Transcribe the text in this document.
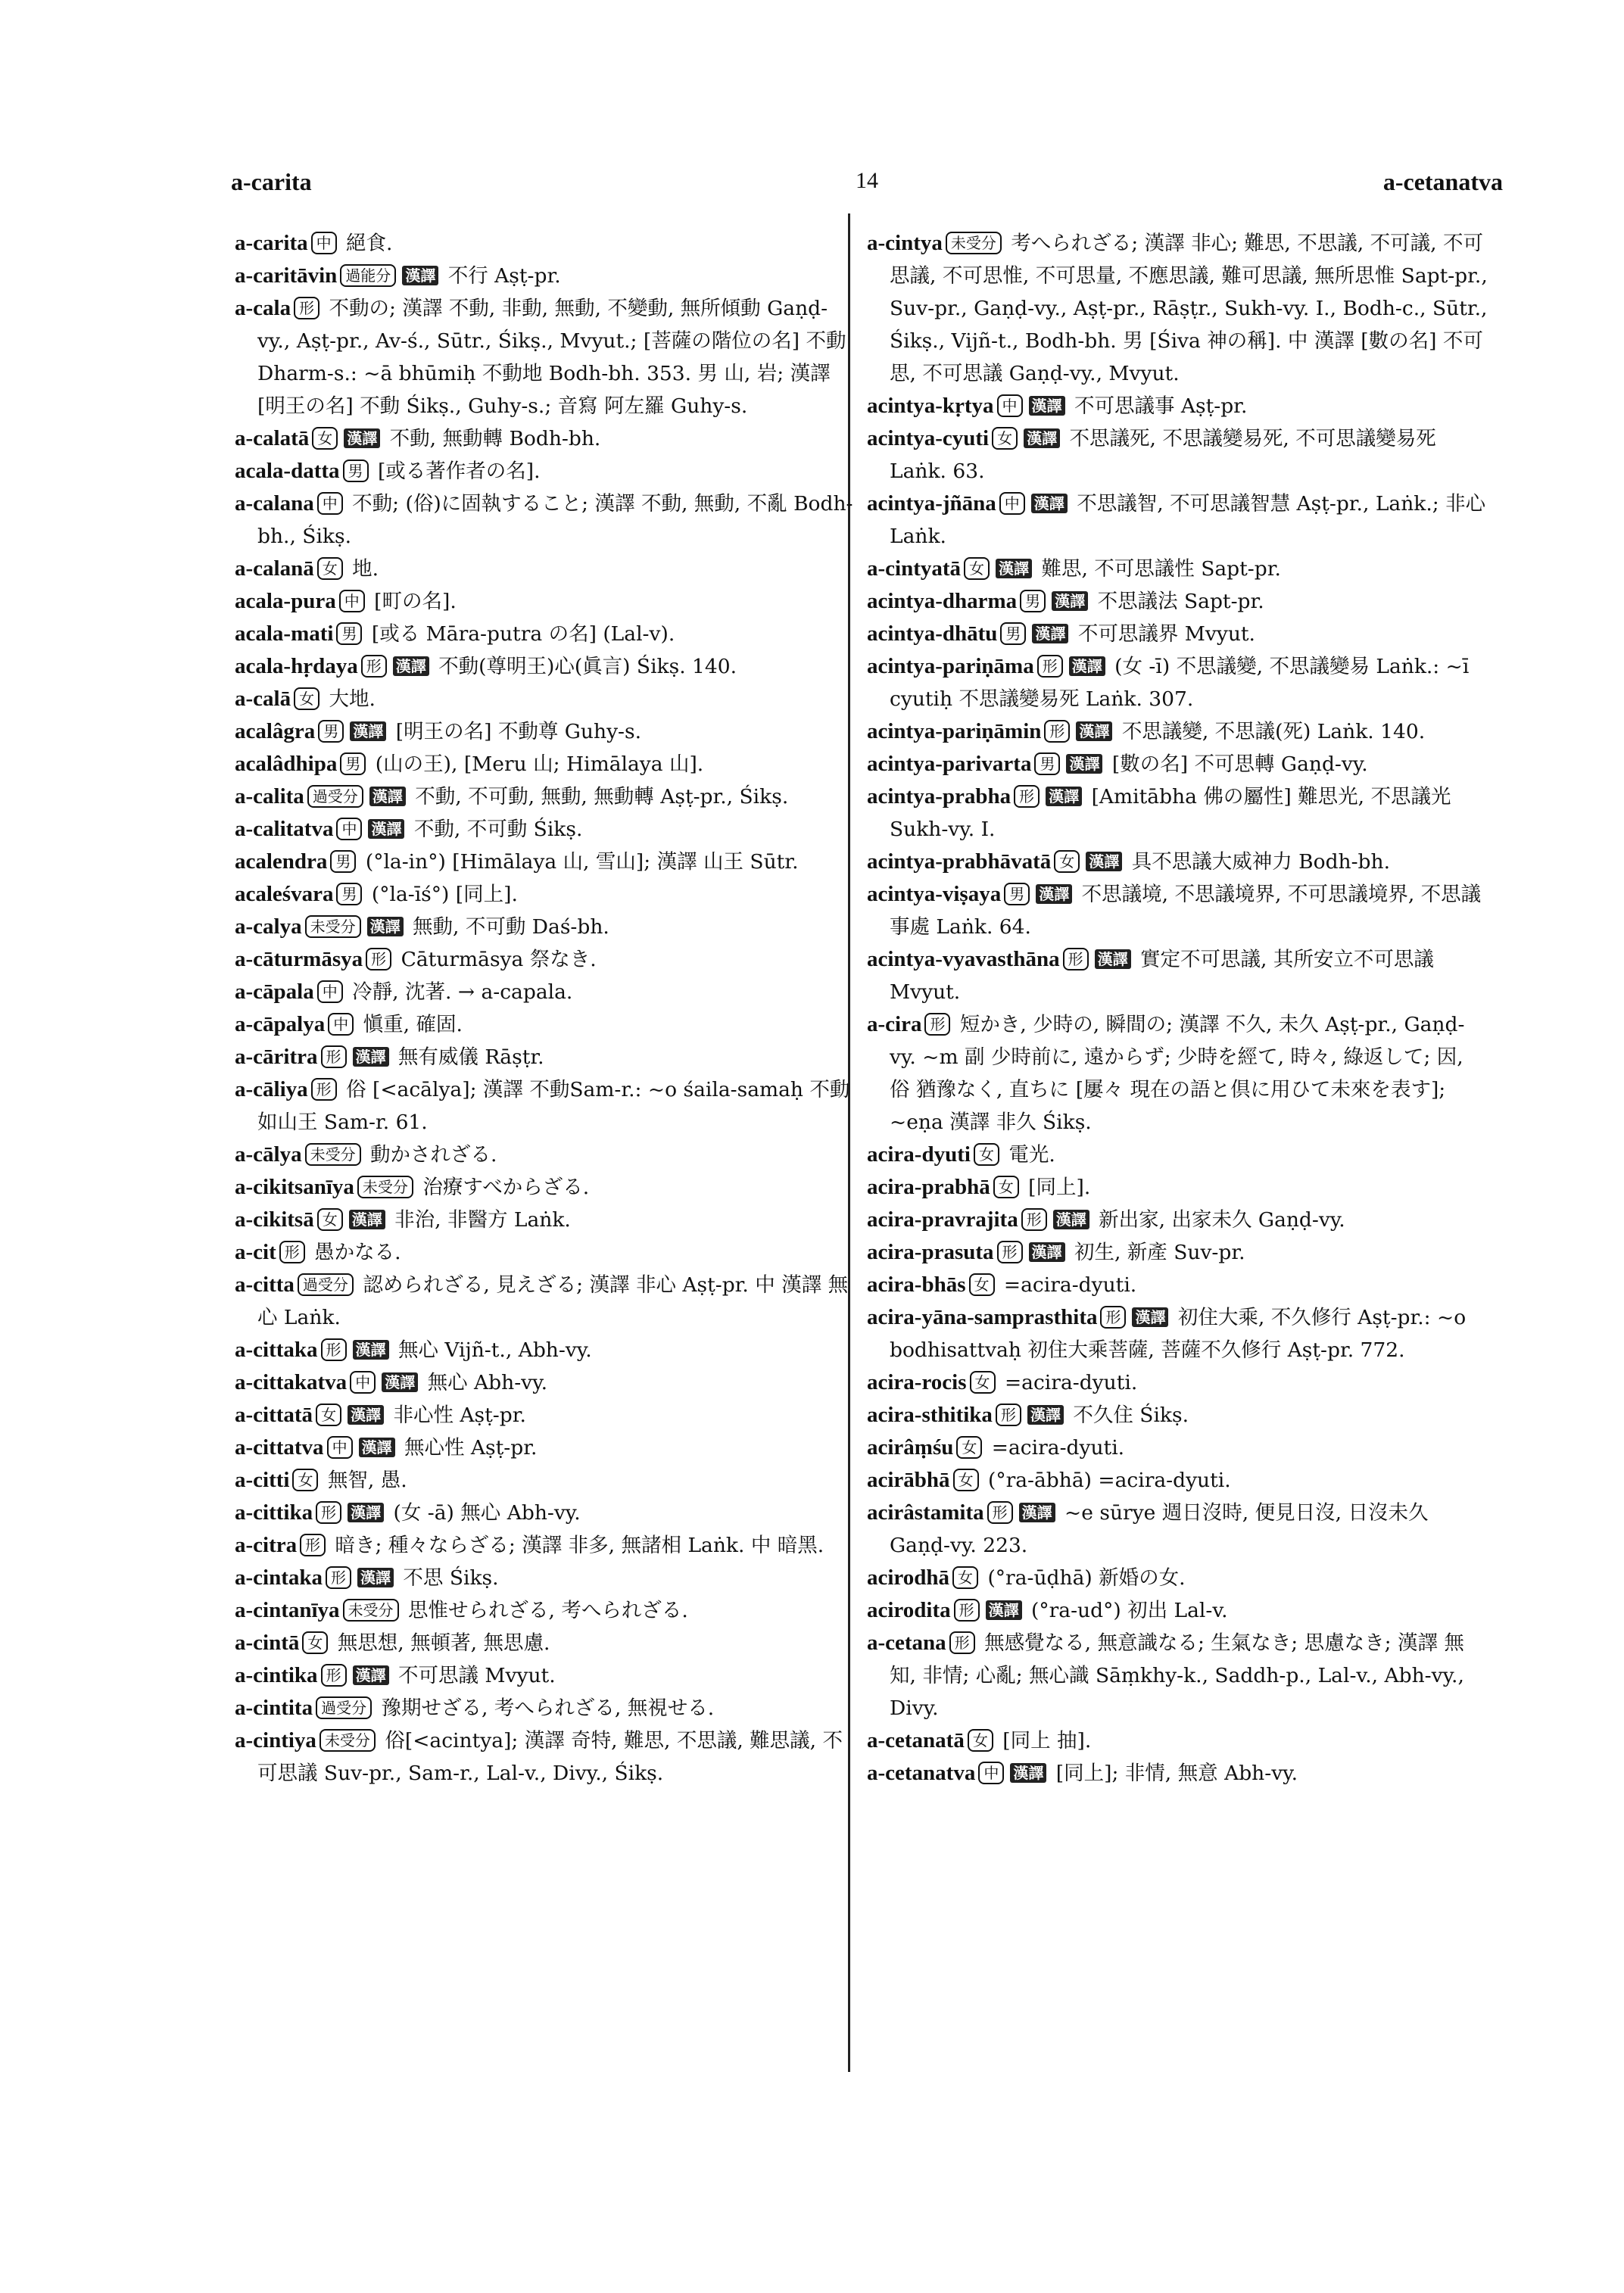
a-carita	14	a-cetanatva

a-carita 中 絕食.

a-caritāvin 過能分 漢譯 不行 Aṣṭ-pr.

a-cala 形 不動の; 漢譯 不動, 非動, 無動, 不變動, 無所傾動 Gaṇḍ-vy., Aṣṭ-pr., Av-ś., Sūtr., Śikṣ., Mvyut.; [菩薩の階位の名] 不動 Dharm-s.: ~ā bhūmiḥ 不動地 Bodh-bh. 353. 男 山, 岩; 漢譯 [明王の名] 不動 Śikṣ., Guhy-s.; 音寫 阿左羅 Guhy-s.

a-calatā 女 漢譯 不動, 無動轉 Bodh-bh.

acala-datta 男 [或る著作者の名].

a-calana 中 不動; (俗)に固執すること; 漢譯 不動, 無動, 不亂 Bodh-bh., Śikṣ.

a-calanā 女 地.

acala-pura 中 [町の名].

acala-mati 男 [或る Māra-putra の名] (Lal-v).

acala-hṛdaya 形 漢譯 不動(尊明王)心(眞言) Śikṣ. 140.

a-calā 女 大地.

acalâgra 男 漢譯 [明王の名] 不動尊 Guhy-s.

acalâdhipa 男 (山の王), [Meru 山; Himālaya 山].

a-calita 過受分 漢譯 不動, 不可動, 無動, 無動轉 Aṣṭ-pr., Śikṣ.

a-calitatva 中 漢譯 不動, 不可動 Śikṣ.

acalendra 男 (°la-in°) [Himālaya 山, 雪山]; 漢譯 山王 Sūtr.

acaleśvara 男 (°la-īś°) [同上].

a-calya 未受分 漢譯 無動, 不可動 Daś-bh.

a-cāturmāsya 形 Cāturmāsya 祭なき.

a-cāpala 中 冷靜, 沈著. → a-capala.

a-cāpalya 中 愼重, 確固.

a-cāritra 形 漢譯 無有威儀 Rāṣṭr.

a-cāliya 形 俗 [<acālya]; 漢譯 不動Sam-r.: ~o śaila-samaḥ 不動如山王 Sam-r. 61.

a-cālya 未受分 動かされざる.

a-cikitsanīya 未受分 治療すべからざる.

a-cikitsā 女 漢譯 非治, 非醫方 Laṅk.

a-cit 形 愚かなる.

a-citta 過受分 認められざる, 見えざる; 漢譯 非心 Aṣṭ-pr. 中 漢譯 無心 Laṅk.

a-cittaka 形 漢譯 無心 Vijñ-t., Abh-vy.

a-cittakatva 中 漢譯 無心 Abh-vy.

a-cittatā 女 漢譯 非心性 Aṣṭ-pr.

a-cittatva 中 漢譯 無心性 Aṣṭ-pr.

a-citti 女 無智, 愚.

a-cittika 形 漢譯 (女 -ā) 無心 Abh-vy.

a-citra 形 暗き; 種々ならざる; 漢譯 非多, 無諸相 Laṅk. 中 暗黑.

a-cintaka 形 漢譯 不思 Śikṣ.

a-cintanīya 未受分 思惟せられざる, 考へられざる.

a-cintā 女 無思想, 無頓著, 無思慮.

a-cintika 形 漢譯 不可思議 Mvyut.

a-cintita 過受分 豫期せざる, 考へられざる, 無視せる.

a-cintiya 未受分 俗[<acintya]; 漢譯 奇特, 難思, 不思議, 難思議, 不可思議 Suv-pr., Sam-r., Lal-v., Divy., Śikṣ.

a-cintya 未受分 考へられざる; 漢譯 非心; 難思, 不思議, 不可議, 不可思議, 不可思惟, 不可思量, 不應思議, 難可思議, 無所思惟 Sapt-pr., Suv-pr., Gaṇḍ-vy., Aṣṭ-pr., Rāṣṭr., Sukh-vy. I., Bodh-c., Sūtr., Śikṣ., Vijñ-t., Bodh-bh. 男 [Śiva 神の稱]. 中 漢譯 [數の名] 不可思, 不可思議 Gaṇḍ-vy., Mvyut.

acintya-kṛtya 中 漢譯 不可思議事 Aṣṭ-pr.

acintya-cyuti 女 漢譯 不思議死, 不思議變易死, 不可思議變易死 Laṅk. 63.

acintya-jñāna 中 漢譯 不思議智, 不可思議智慧 Aṣṭ-pr., Laṅk.; 非心 Laṅk.

a-cintyatā 女 漢譯 難思, 不可思議性 Sapt-pr.

acintya-dharma 男 漢譯 不思議法 Sapt-pr.

acintya-dhātu 男 漢譯 不可思議界 Mvyut.

acintya-pariṇāma 形 漢譯 (女 -ī) 不思議變, 不思議變易 Laṅk.: ~ī cyutiḥ 不思議變易死 Laṅk. 307.

acintya-pariṇāmin 形 漢譯 不思議變, 不思議(死) Laṅk. 140.

acintya-parivarta 男 漢譯 [數の名] 不可思轉 Gaṇḍ-vy.

acintya-prabha 形 漢譯 [Amitābha 佛の屬性] 難思光, 不思議光 Sukh-vy. I.

acintya-prabhāvatā 女 漢譯 具不思議大威神力 Bodh-bh.

acintya-viṣaya 男 漢譯 不思議境, 不思議境界, 不可思議境界, 不思議事處 Laṅk. 64.

acintya-vyavasthāna 形 漢譯 實定不可思議, 其所安立不可思議 Mvyut.

a-cira 形 短かき, 少時の, 瞬間の; 漢譯 不久, 未久 Aṣṭ-pr., Gaṇḍ-vy. ~m 副 少時前に, 遠からず; 少時を經て, 時々, 綠返して; 因, 俗 猶豫なく, 直ちに [屢々 現在の語と倶に用ひて未來を表す]; ~eṇa 漢譯 非久 Śikṣ.

acira-dyuti 女 電光.

acira-prabhā 女 [同上].

acira-pravrajita 形 漢譯 新出家, 出家未久 Gaṇḍ-vy.

acira-prasuta 形 漢譯 初生, 新產 Suv-pr.

acira-bhās 女 =acira-dyuti.

acira-yāna-samprasthita 形 漢譯 初住大乘, 不久修行 Aṣṭ-pr.: ~o bodhisattvaḥ 初住大乘菩薩, 菩薩不久修行 Aṣṭ-pr. 772.

acira-rocis 女 =acira-dyuti.

acira-sthitika 形 漢譯 不久住 Śikṣ.

acirâṃśu 女 =acira-dyuti.

acirābhā 女 (°ra-ābhā) =acira-dyuti.

acirâstamita 形 漢譯 ~e sūrye 週日沒時, 便見日沒, 日沒未久 Gaṇḍ-vy. 223.

acirodhā 女 (°ra-ūḍhā) 新婚の女.

acirodita 形 漢譯 (°ra-ud°) 初出 Lal-v.

a-cetana 形 無感覺なる, 無意識なる; 生氣なき; 思慮なき; 漢譯 無知, 非情; 心亂; 無心識 Sāṃkhy-k., Saddh-p., Lal-v., Abh-vy., Divy.

a-cetanatā 女 [同上 抽].

a-cetanatva 中 漢譯 [同上]; 非情, 無意 Abh-vy.
